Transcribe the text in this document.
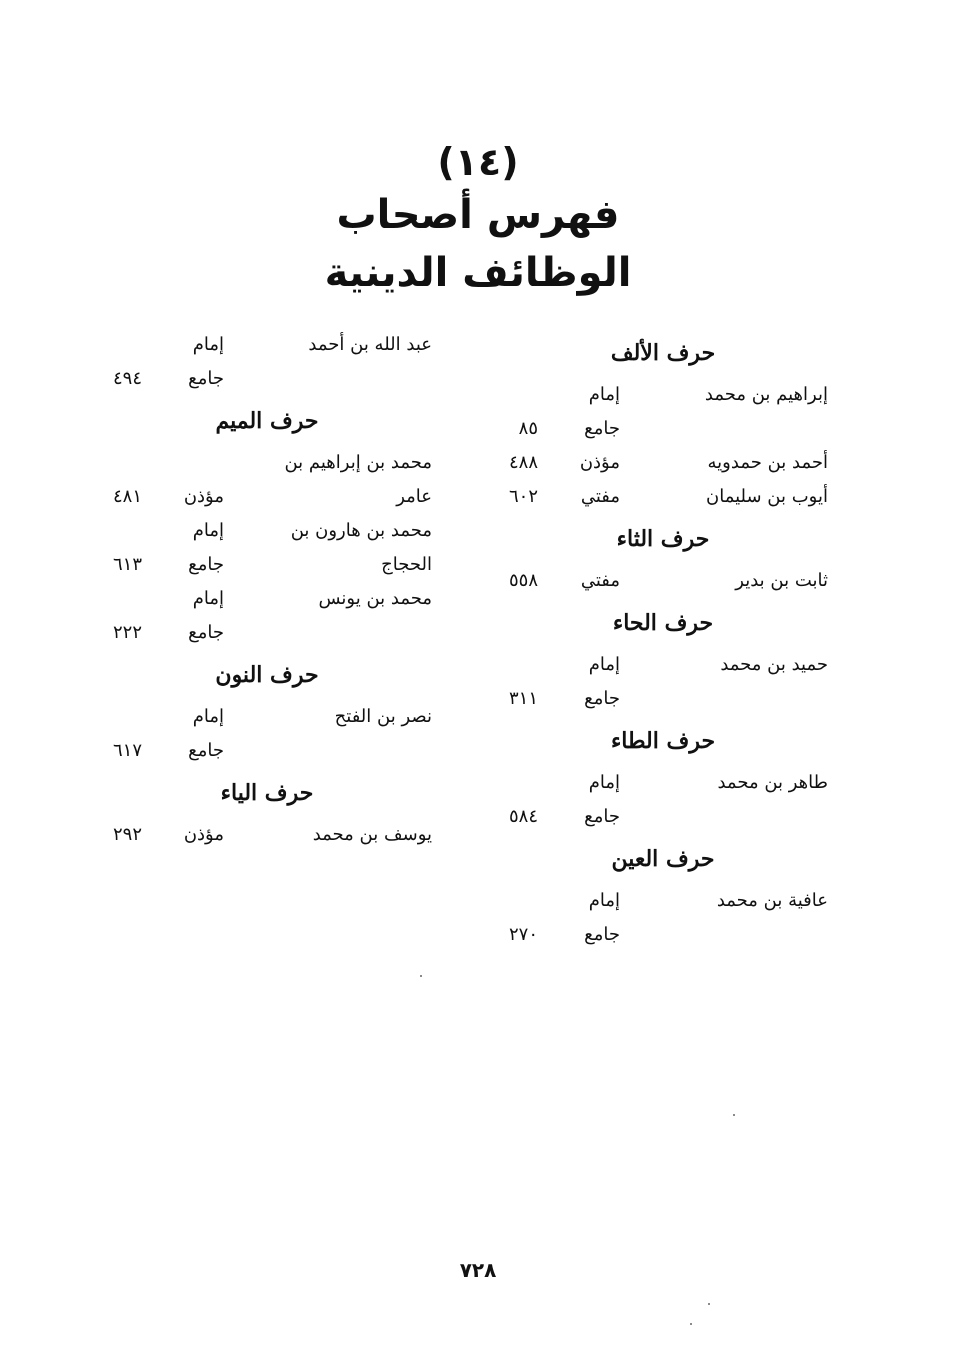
(١٤)
فهرس أصحاب
الوظائف الدينية
حرف الألف
إبراهيم بن محمد
إمام
جامع
٨٥
أحمد بن حمدويه
مؤذن
٤٨٨
أيوب بن سليمان
مفتي
٦٠٢
حرف الثاء
ثابت بن بدير
مفتي
٥٥٨
حرف الحاء
حميد بن محمد
إمام
جامع
٣١١
حرف الطاء
طاهر بن محمد
إمام
جامع
٥٨٤
حرف العين
عافية بن محمد
إمام
جامع
٢٧٠
عبد الله بن أحمد
إمام
جامع
٤٩٤
حرف الميم
محمد بن إبراهيم بن
عامر
مؤذن
٤٨١
محمد بن هارون بن
إمام
الحجاج
جامع
٦١٣
محمد بن يونس
إمام
جامع
٢٢٢
حرف النون
نصر بن الفتح
إمام
جامع
٦١٧
حرف الياء
يوسف بن محمد
مؤذن
٢٩٢
٧٢٨
